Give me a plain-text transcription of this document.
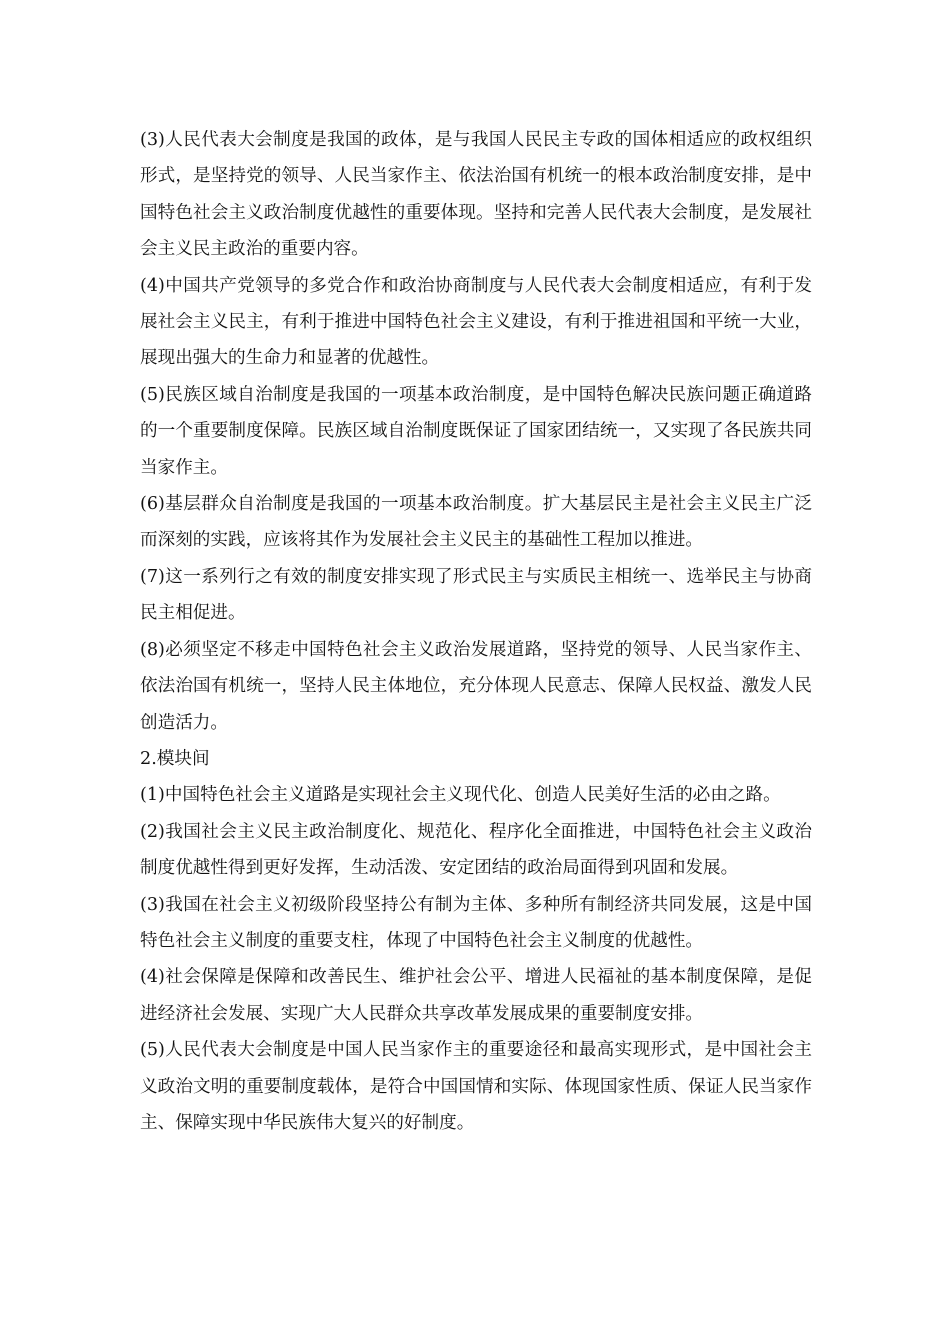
(3)人民代表大会制度是我国的政体，是与我国人民民主专政的国体相适应的政权组织形式，是坚持党的领导、人民当家作主、依法治国有机统一的根本政治制度安排，是中国特色社会主义政治制度优越性的重要体现。坚持和完善人民代表大会制度，是发展社会主义民主政治的重要内容。

(4)中国共产党领导的多党合作和政治协商制度与人民代表大会制度相适应，有利于发展社会主义民主，有利于推进中国特色社会主义建设，有利于推进祖国和平统一大业，展现出强大的生命力和显著的优越性。

(5)民族区域自治制度是我国的一项基本政治制度，是中国特色解决民族问题正确道路的一个重要制度保障。民族区域自治制度既保证了国家团结统一，又实现了各民族共同当家作主。

(6)基层群众自治制度是我国的一项基本政治制度。扩大基层民主是社会主义民主广泛而深刻的实践，应该将其作为发展社会主义民主的基础性工程加以推进。

(7)这一系列行之有效的制度安排实现了形式民主与实质民主相统一、选举民主与协商民主相促进。

(8)必须坚定不移走中国特色社会主义政治发展道路，坚持党的领导、人民当家作主、依法治国有机统一，坚持人民主体地位，充分体现人民意志、保障人民权益、激发人民创造活力。

2.模块间

(1)中国特色社会主义道路是实现社会主义现代化、创造人民美好生活的必由之路。

(2)我国社会主义民主政治制度化、规范化、程序化全面推进，中国特色社会主义政治制度优越性得到更好发挥，生动活泼、安定团结的政治局面得到巩固和发展。

(3)我国在社会主义初级阶段坚持公有制为主体、多种所有制经济共同发展，这是中国特色社会主义制度的重要支柱，体现了中国特色社会主义制度的优越性。

(4)社会保障是保障和改善民生、维护社会公平、增进人民福祉的基本制度保障，是促进经济社会发展、实现广大人民群众共享改革发展成果的重要制度安排。

(5)人民代表大会制度是中国人民当家作主的重要途径和最高实现形式，是中国社会主义政治文明的重要制度载体，是符合中国国情和实际、体现国家性质、保证人民当家作主、保障实现中华民族伟大复兴的好制度。
